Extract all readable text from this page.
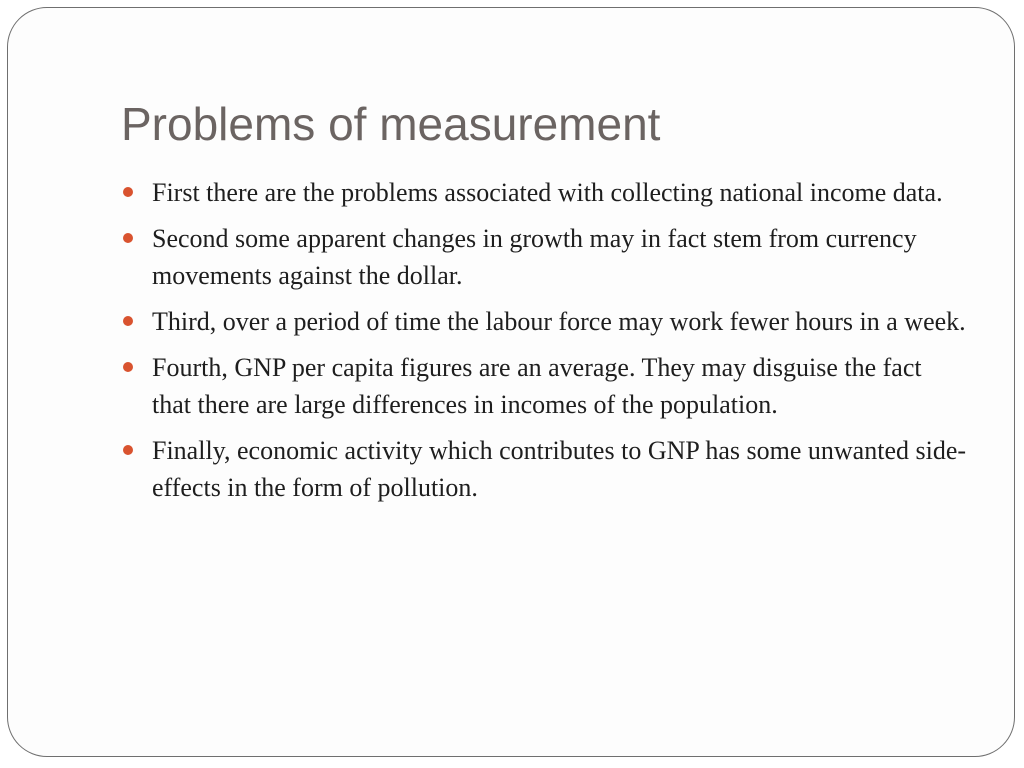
Problems of measurement
First there are the problems associated with collecting national income data.
Second some apparent changes in growth may in fact stem from currency movements against the dollar.
Third, over a period of time the labour force may work fewer hours in a week.
Fourth, GNP per capita figures are an average. They may disguise the fact that there are large differences in incomes of the population.
Finally, economic activity which contributes to GNP has some unwanted side-effects in the form of pollution.
